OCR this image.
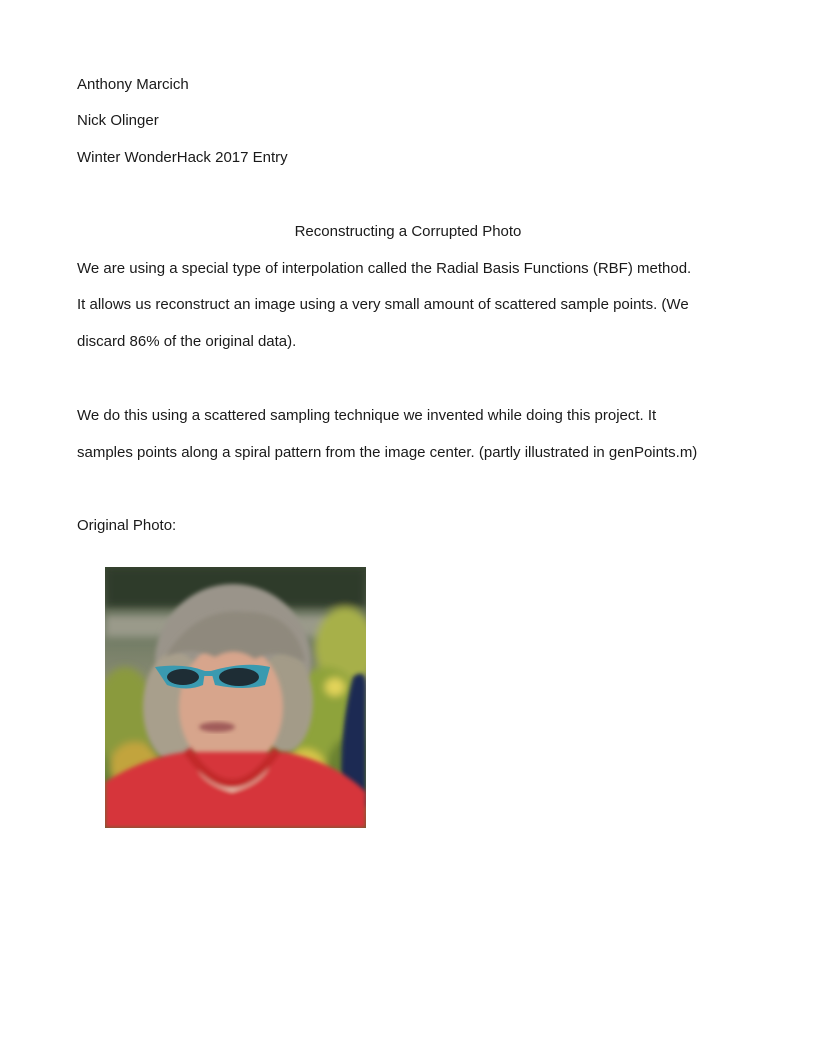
Anthony Marcich
Nick Olinger
Winter WonderHack 2017 Entry
Reconstructing a Corrupted Photo
We are using a special type of interpolation called the Radial Basis Functions (RBF) method.
It allows us reconstruct an image using a very small amount of scattered sample points. (We
discard 86% of the original data).
We do this using a scattered sampling technique we invented while doing this project. It
samples points along a spiral pattern from the image center. (partly illustrated in genPoints.m)
Original Photo:
